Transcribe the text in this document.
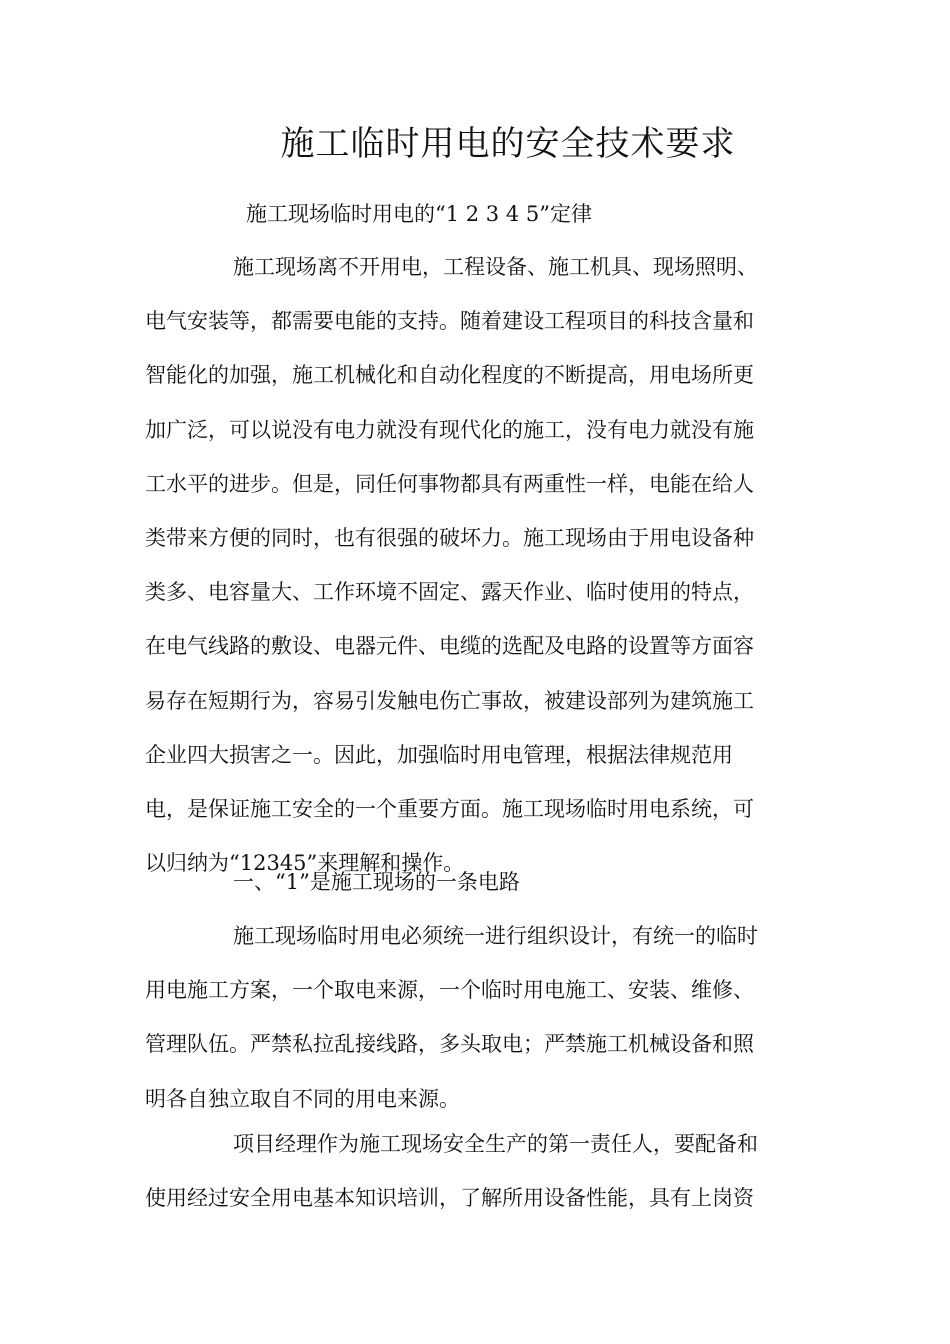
施工临时用电的安全技术要求
施工现场临时用电的“1 2 3 4 5”定律
施工现场离不开用电，工程设备、施工机具、现场照明、
电气安装等，都需要电能的支持。随着建设工程项目的科技含量和
智能化的加强，施工机械化和自动化程度的不断提高，用电场所更
加广泛，可以说没有电力就没有现代化的施工，没有电力就没有施
工水平的进步。但是，同任何事物都具有两重性一样，电能在给人
类带来方便的同时，也有很强的破坏力。施工现场由于用电设备种
类多、电容量大、工作环境不固定、露天作业、临时使用的特点，
在电气线路的敷设、电器元件、电缆的选配及电路的设置等方面容
易存在短期行为，容易引发触电伤亡事故，被建设部列为建筑施工
企业四大损害之一。因此，加强临时用电管理，根据法律规范用
电，是保证施工安全的一个重要方面。施工现场临时用电系统，可
以归纳为“12345”来理解和操作。
一、“1”是施工现场的一条电路
施工现场临时用电必须统一进行组织设计，有统一的临时
用电施工方案，一个取电来源，一个临时用电施工、安装、维修、
管理队伍。严禁私拉乱接线路，多头取电；严禁施工机械设备和照
明各自独立取自不同的用电来源。
项目经理作为施工现场安全生产的第一责任人，要配备和
使用经过安全用电基本知识培训，了解所用设备性能，具有上岗资
